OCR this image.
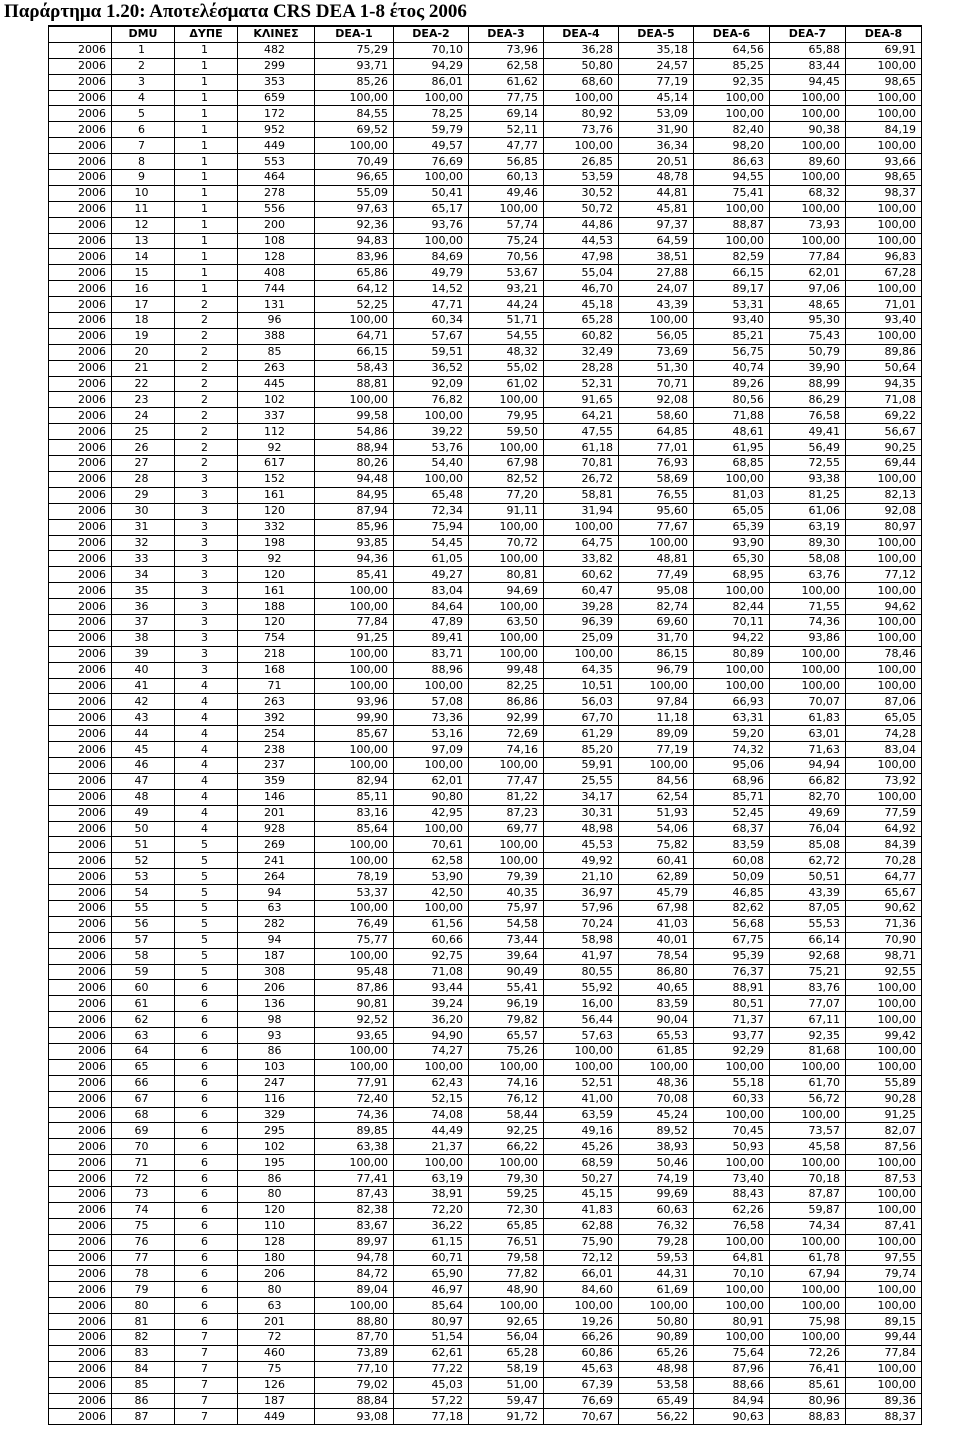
Παράρτημα 1.20: Αποτελέσματα CRS DEA 1-8 έτος 2006
	DMU	ΔΥΠΕ	ΚΛΙΝΕΣ	DEA-1	DEA-2	DEA-3	DEA-4	DEA-5	DEA-6	DEA-7	DEA-8
2006	1	1	482	75,29	70,10	73,96	36,28	35,18	64,56	65,88	69,91
2006	2	1	299	93,71	94,29	62,58	50,80	24,57	85,25	83,44	100,00
2006	3	1	353	85,26	86,01	61,62	68,60	77,19	92,35	94,45	98,65
2006	4	1	659	100,00	100,00	77,75	100,00	45,14	100,00	100,00	100,00
2006	5	1	172	84,55	78,25	69,14	80,92	53,09	100,00	100,00	100,00
2006	6	1	952	69,52	59,79	52,11	73,76	31,90	82,40	90,38	84,19
2006	7	1	449	100,00	49,57	47,77	100,00	36,34	98,20	100,00	100,00
2006	8	1	553	70,49	76,69	56,85	26,85	20,51	86,63	89,60	93,66
2006	9	1	464	96,65	100,00	60,13	53,59	48,78	94,55	100,00	98,65
2006	10	1	278	55,09	50,41	49,46	30,52	44,81	75,41	68,32	98,37
2006	11	1	556	97,63	65,17	100,00	50,72	45,81	100,00	100,00	100,00
2006	12	1	200	92,36	93,76	57,74	44,86	97,37	88,87	73,93	100,00
2006	13	1	108	94,83	100,00	75,24	44,53	64,59	100,00	100,00	100,00
2006	14	1	128	83,96	84,69	70,56	47,98	38,51	82,59	77,84	96,83
2006	15	1	408	65,86	49,79	53,67	55,04	27,88	66,15	62,01	67,28
2006	16	1	744	64,12	14,52	93,21	46,70	24,07	89,17	97,06	100,00
2006	17	2	131	52,25	47,71	44,24	45,18	43,39	53,31	48,65	71,01
2006	18	2	96	100,00	60,34	51,71	65,28	100,00	93,40	95,30	93,40
2006	19	2	388	64,71	57,67	54,55	60,82	56,05	85,21	75,43	100,00
2006	20	2	85	66,15	59,51	48,32	32,49	73,69	56,75	50,79	89,86
2006	21	2	263	58,43	36,52	55,02	28,28	51,30	40,74	39,90	50,64
2006	22	2	445	88,81	92,09	61,02	52,31	70,71	89,26	88,99	94,35
2006	23	2	102	100,00	76,82	100,00	91,65	92,08	80,56	86,29	71,08
2006	24	2	337	99,58	100,00	79,95	64,21	58,60	71,88	76,58	69,22
2006	25	2	112	54,86	39,22	59,50	47,55	64,85	48,61	49,41	56,67
2006	26	2	92	88,94	53,76	100,00	61,18	77,01	61,95	56,49	90,25
2006	27	2	617	80,26	54,40	67,98	70,81	76,93	68,85	72,55	69,44
2006	28	3	152	94,48	100,00	82,52	26,72	58,69	100,00	93,38	100,00
2006	29	3	161	84,95	65,48	77,20	58,81	76,55	81,03	81,25	82,13
2006	30	3	120	87,94	72,34	91,11	31,94	95,60	65,05	61,06	92,08
2006	31	3	332	85,96	75,94	100,00	100,00	77,67	65,39	63,19	80,97
2006	32	3	198	93,85	54,45	70,72	64,75	100,00	93,90	89,30	100,00
2006	33	3	92	94,36	61,05	100,00	33,82	48,81	65,30	58,08	100,00
2006	34	3	120	85,41	49,27	80,81	60,62	77,49	68,95	63,76	77,12
2006	35	3	161	100,00	83,04	94,69	60,47	95,08	100,00	100,00	100,00
2006	36	3	188	100,00	84,64	100,00	39,28	82,74	82,44	71,55	94,62
2006	37	3	120	77,84	47,89	63,50	96,39	69,60	70,11	74,36	100,00
2006	38	3	754	91,25	89,41	100,00	25,09	31,70	94,22	93,86	100,00
2006	39	3	218	100,00	83,71	100,00	100,00	86,15	80,89	100,00	78,46
2006	40	3	168	100,00	88,96	99,48	64,35	96,79	100,00	100,00	100,00
2006	41	4	71	100,00	100,00	82,25	10,51	100,00	100,00	100,00	100,00
2006	42	4	263	93,96	57,08	86,86	56,03	97,84	66,93	70,07	87,06
2006	43	4	392	99,90	73,36	92,99	67,70	11,18	63,31	61,83	65,05
2006	44	4	254	85,67	53,16	72,69	61,29	89,09	59,20	63,01	74,28
2006	45	4	238	100,00	97,09	74,16	85,20	77,19	74,32	71,63	83,04
2006	46	4	237	100,00	100,00	100,00	59,91	100,00	95,06	94,94	100,00
2006	47	4	359	82,94	62,01	77,47	25,55	84,56	68,96	66,82	73,92
2006	48	4	146	85,11	90,80	81,22	34,17	62,54	85,71	82,70	100,00
2006	49	4	201	83,16	42,95	87,23	30,31	51,93	52,45	49,69	77,59
2006	50	4	928	85,64	100,00	69,77	48,98	54,06	68,37	76,04	64,92
2006	51	5	269	100,00	70,61	100,00	45,53	75,82	83,59	85,08	84,39
2006	52	5	241	100,00	62,58	100,00	49,92	60,41	60,08	62,72	70,28
2006	53	5	264	78,19	53,90	79,39	21,10	62,89	50,09	50,51	64,77
2006	54	5	94	53,37	42,50	40,35	36,97	45,79	46,85	43,39	65,67
2006	55	5	63	100,00	100,00	75,97	57,96	67,98	82,62	87,05	90,62
2006	56	5	282	76,49	61,56	54,58	70,24	41,03	56,68	55,53	71,36
2006	57	5	94	75,77	60,66	73,44	58,98	40,01	67,75	66,14	70,90
2006	58	5	187	100,00	92,75	39,64	41,97	78,54	95,39	92,68	98,71
2006	59	5	308	95,48	71,08	90,49	80,55	86,80	76,37	75,21	92,55
2006	60	6	206	87,86	93,44	55,41	55,92	40,65	88,91	83,76	100,00
2006	61	6	136	90,81	39,24	96,19	16,00	83,59	80,51	77,07	100,00
2006	62	6	98	92,52	36,20	79,82	56,44	90,04	71,37	67,11	100,00
2006	63	6	93	93,65	94,90	65,57	57,63	65,53	93,77	92,35	99,42
2006	64	6	86	100,00	74,27	75,26	100,00	61,85	92,29	81,68	100,00
2006	65	6	103	100,00	100,00	100,00	100,00	100,00	100,00	100,00	100,00
2006	66	6	247	77,91	62,43	74,16	52,51	48,36	55,18	61,70	55,89
2006	67	6	116	72,40	52,15	76,12	41,00	70,08	60,33	56,72	90,28
2006	68	6	329	74,36	74,08	58,44	63,59	45,24	100,00	100,00	91,25
2006	69	6	295	89,85	44,49	92,25	49,16	89,52	70,45	73,57	82,07
2006	70	6	102	63,38	21,37	66,22	45,26	38,93	50,93	45,58	87,56
2006	71	6	195	100,00	100,00	100,00	68,59	50,46	100,00	100,00	100,00
2006	72	6	86	77,41	63,19	79,30	50,27	74,19	73,40	70,18	87,53
2006	73	6	80	87,43	38,91	59,25	45,15	99,69	88,43	87,87	100,00
2006	74	6	120	82,38	72,20	72,30	41,83	60,63	62,26	59,87	100,00
2006	75	6	110	83,67	36,22	65,85	62,88	76,32	76,58	74,34	87,41
2006	76	6	128	89,97	61,15	76,51	75,90	79,28	100,00	100,00	100,00
2006	77	6	180	94,78	60,71	79,58	72,12	59,53	64,81	61,78	97,55
2006	78	6	206	84,72	65,90	77,82	66,01	44,31	70,10	67,94	79,74
2006	79	6	80	89,04	46,97	48,90	84,60	61,69	100,00	100,00	100,00
2006	80	6	63	100,00	85,64	100,00	100,00	100,00	100,00	100,00	100,00
2006	81	6	201	88,80	80,97	92,65	19,26	50,80	80,91	75,98	89,15
2006	82	7	72	87,70	51,54	56,04	66,26	90,89	100,00	100,00	99,44
2006	83	7	460	73,89	62,61	65,28	60,86	65,26	75,64	72,26	77,84
2006	84	7	75	77,10	77,22	58,19	45,63	48,98	87,96	76,41	100,00
2006	85	7	126	79,02	45,03	51,00	67,39	53,58	88,66	85,61	100,00
2006	86	7	187	88,84	57,22	59,47	76,69	65,49	84,94	80,96	89,36
2006	87	7	449	93,08	77,18	91,72	70,67	56,22	90,63	88,83	88,37
